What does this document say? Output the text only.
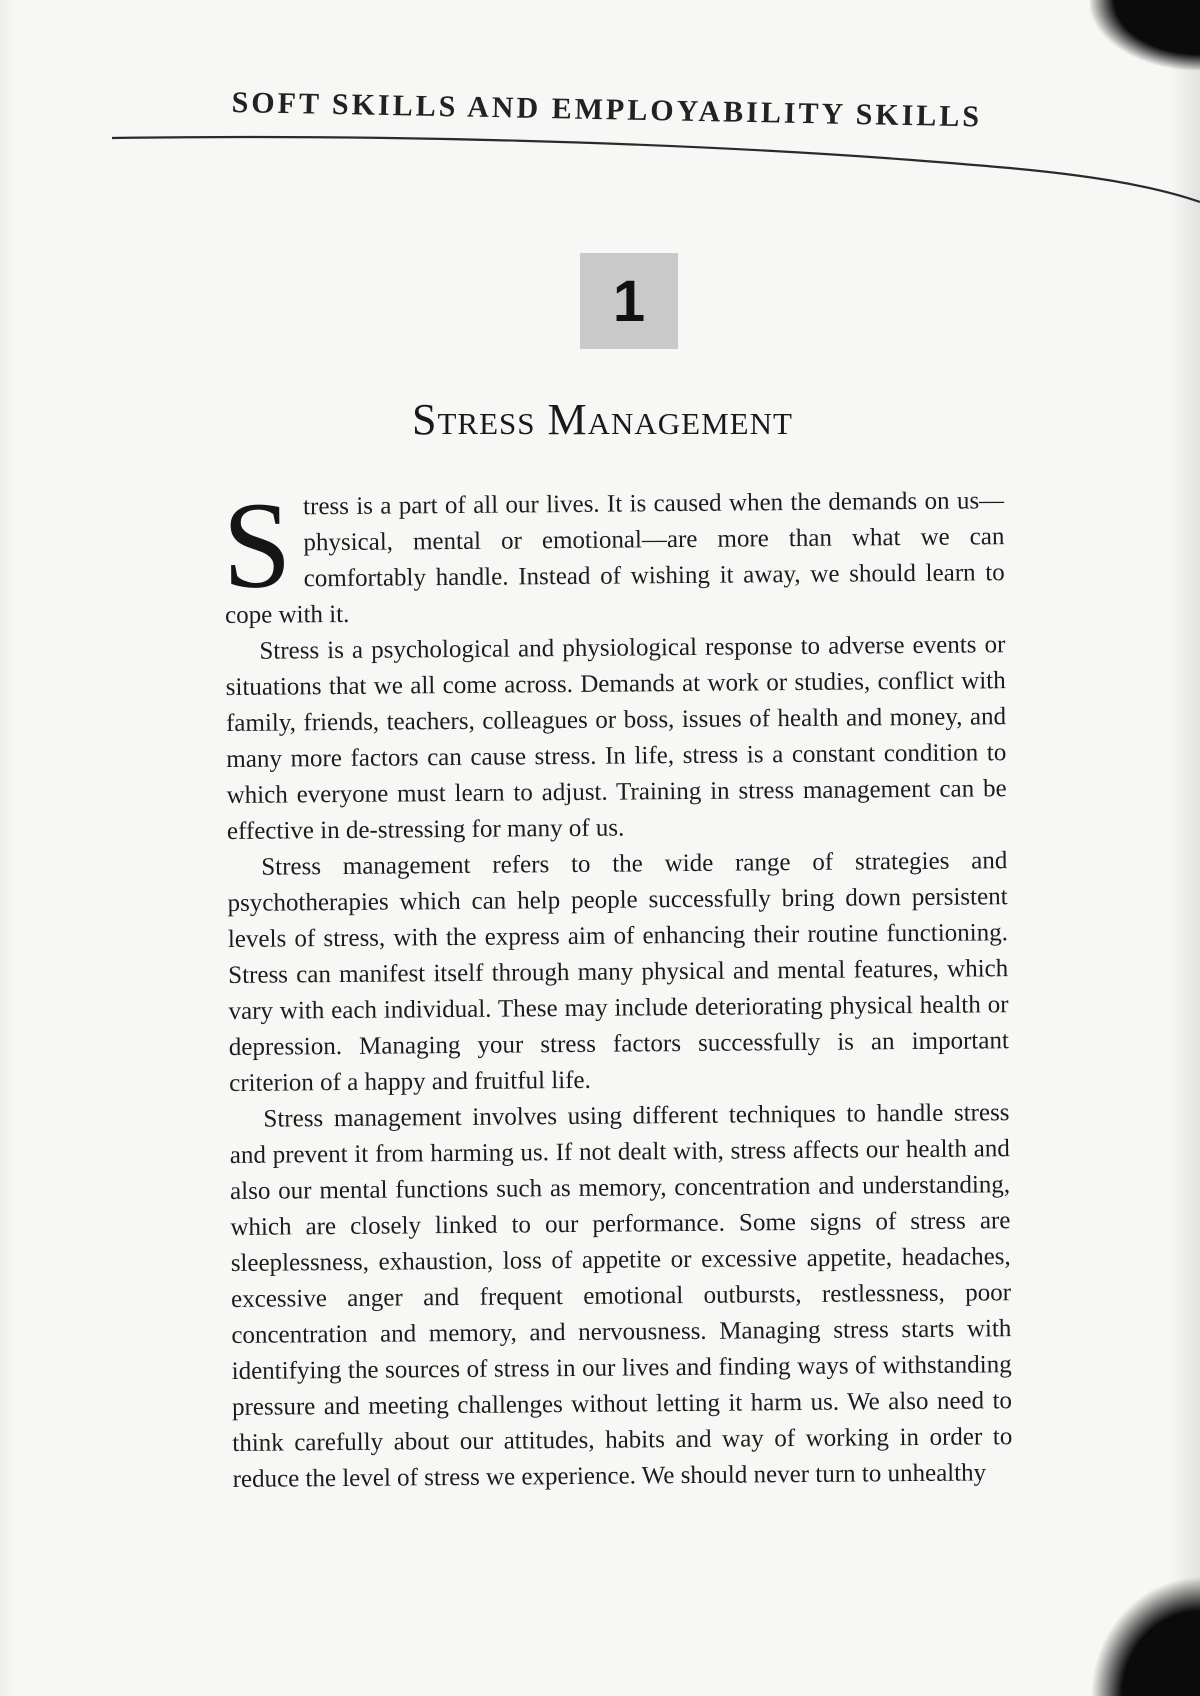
SOFT SKILLS AND EMPLOYABILITY SKILLS
1
Stress Management

Stress is a part of all our lives. It is caused when the demands on us—physical, mental or emotional—are more than what we can comfortably handle. Instead of wishing it away, we should learn to cope with it.

Stress is a psychological and physiological response to adverse events or situations that we all come across. Demands at work or studies, conflict with family, friends, teachers, colleagues or boss, issues of health and money, and many more factors can cause stress. In life, stress is a constant condition to which everyone must learn to adjust. Training in stress management can be effective in de-stressing for many of us.

Stress management refers to the wide range of strategies and psychotherapies which can help people successfully bring down persistent levels of stress, with the express aim of enhancing their routine functioning. Stress can manifest itself through many physical and mental features, which vary with each individual. These may include deteriorating physical health or depression. Managing your stress factors successfully is an important criterion of a happy and fruitful life.

Stress management involves using different techniques to handle stress and prevent it from harming us. If not dealt with, stress affects our health and also our mental functions such as memory, concentration and understanding, which are closely linked to our performance. Some signs of stress are sleeplessness, exhaustion, loss of appetite or excessive appetite, headaches, excessive anger and frequent emotional outbursts, restlessness, poor concentration and memory, and nervousness. Managing stress starts with identifying the sources of stress in our lives and finding ways of withstanding pressure and meeting challenges without letting it harm us. We also need to think carefully about our attitudes, habits and way of working in order to reduce the level of stress we experience. We should never turn to unhealthy
